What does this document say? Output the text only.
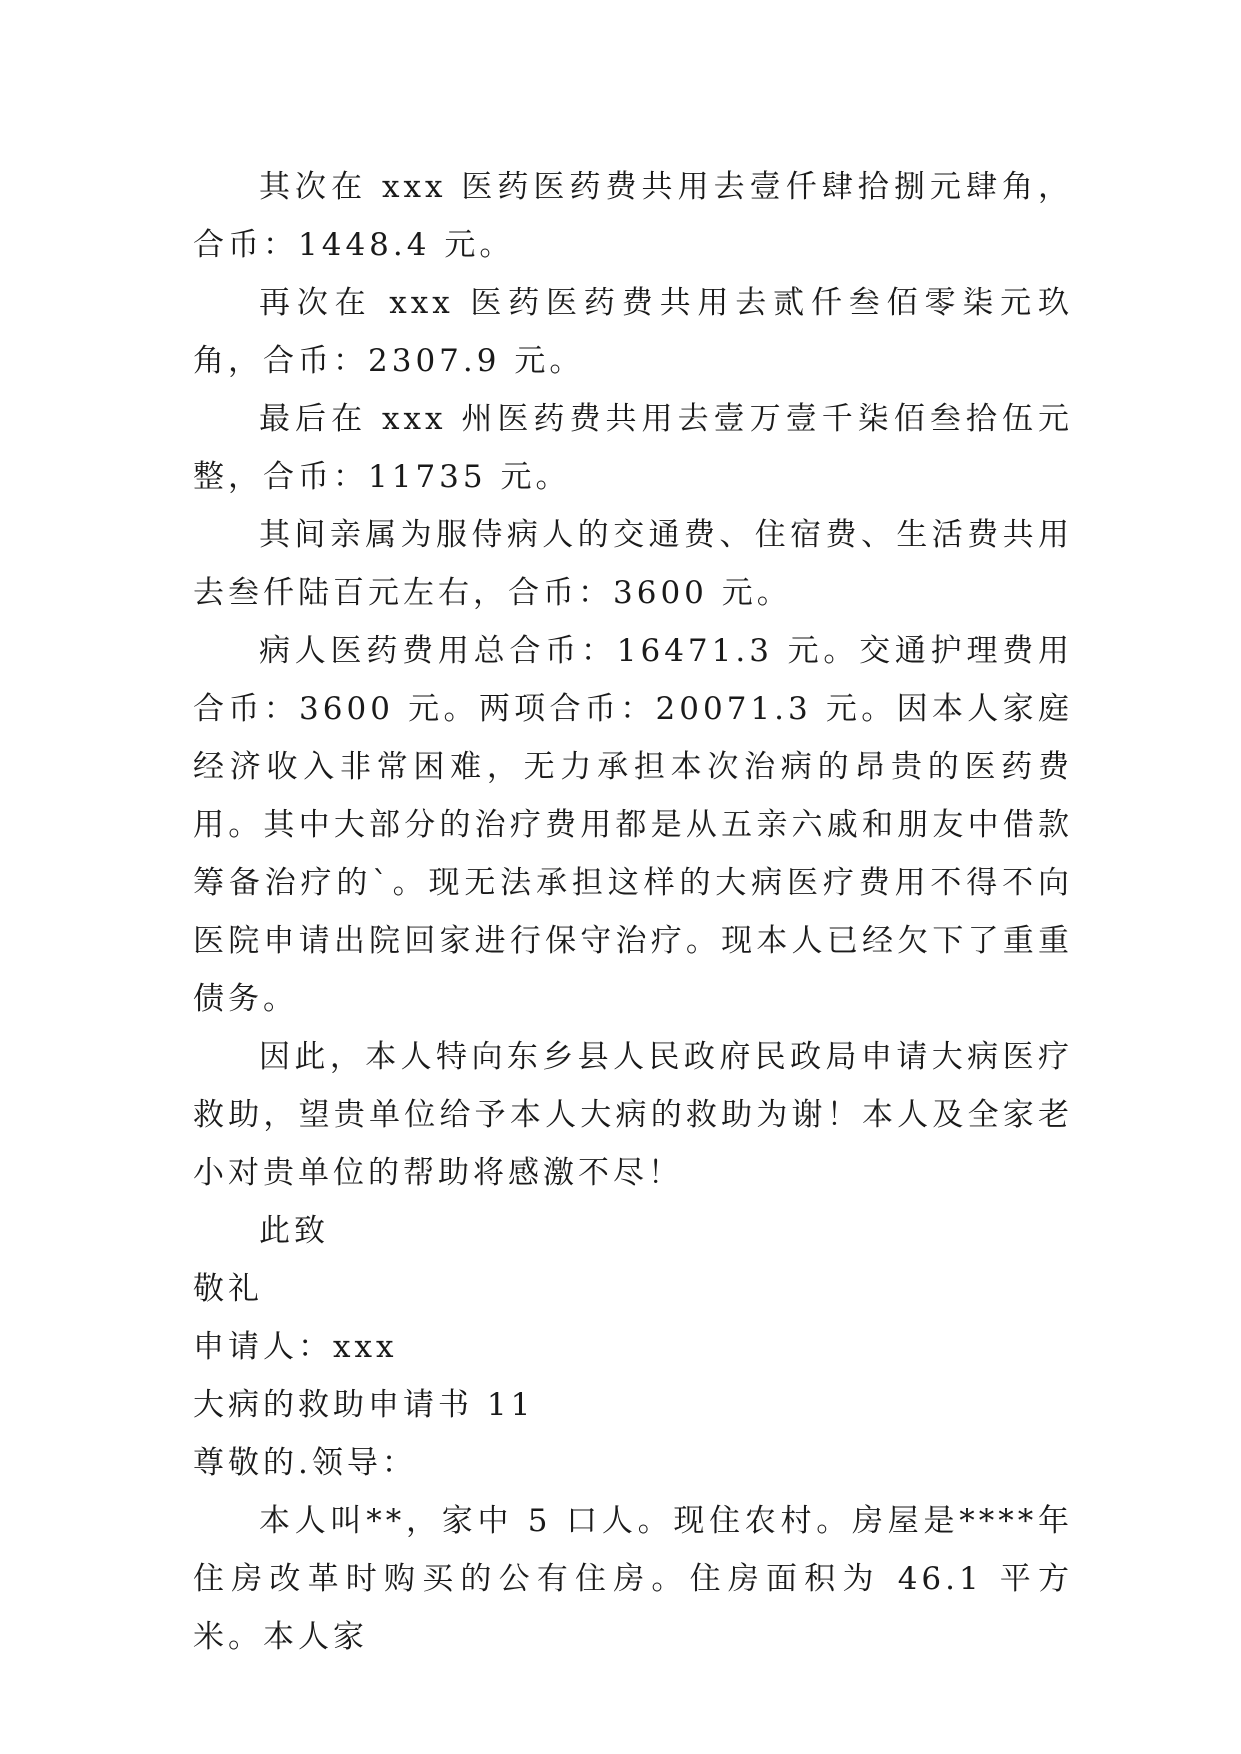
其次在 xxx 医药医药费共用去壹仟肆拾捌元肆角，合币：1448.4 元。

再次在 xxx 医药医药费共用去贰仟叁佰零柒元玖角，合币：2307.9 元。

最后在 xxx 州医药费共用去壹万壹千柒佰叁拾伍元整，合币：11735 元。

其间亲属为服侍病人的交通费、住宿费、生活费共用去叁仟陆百元左右，合币：3600 元。

病人医药费用总合币：16471.3 元。交通护理费用合币：3600 元。两项合币：20071.3 元。因本人家庭经济收入非常困难，无力承担本次治病的昂贵的医药费用。其中大部分的治疗费用都是从五亲六戚和朋友中借款筹备治疗的`。现无法承担这样的大病医疗费用不得不向医院申请出院回家进行保守治疗。现本人已经欠下了重重债务。

因此，本人特向东乡县人民政府民政局申请大病医疗救助，望贵单位给予本人大病的救助为谢！本人及全家老小对贵单位的帮助将感激不尽！

此致

敬礼

申请人：xxx

大病的救助申请书 11

尊敬的.领导：

本人叫**，家中 5 口人。现住农村。房屋是****年住房改革时购买的公有住房。住房面积为 46.1 平方米。本人家
